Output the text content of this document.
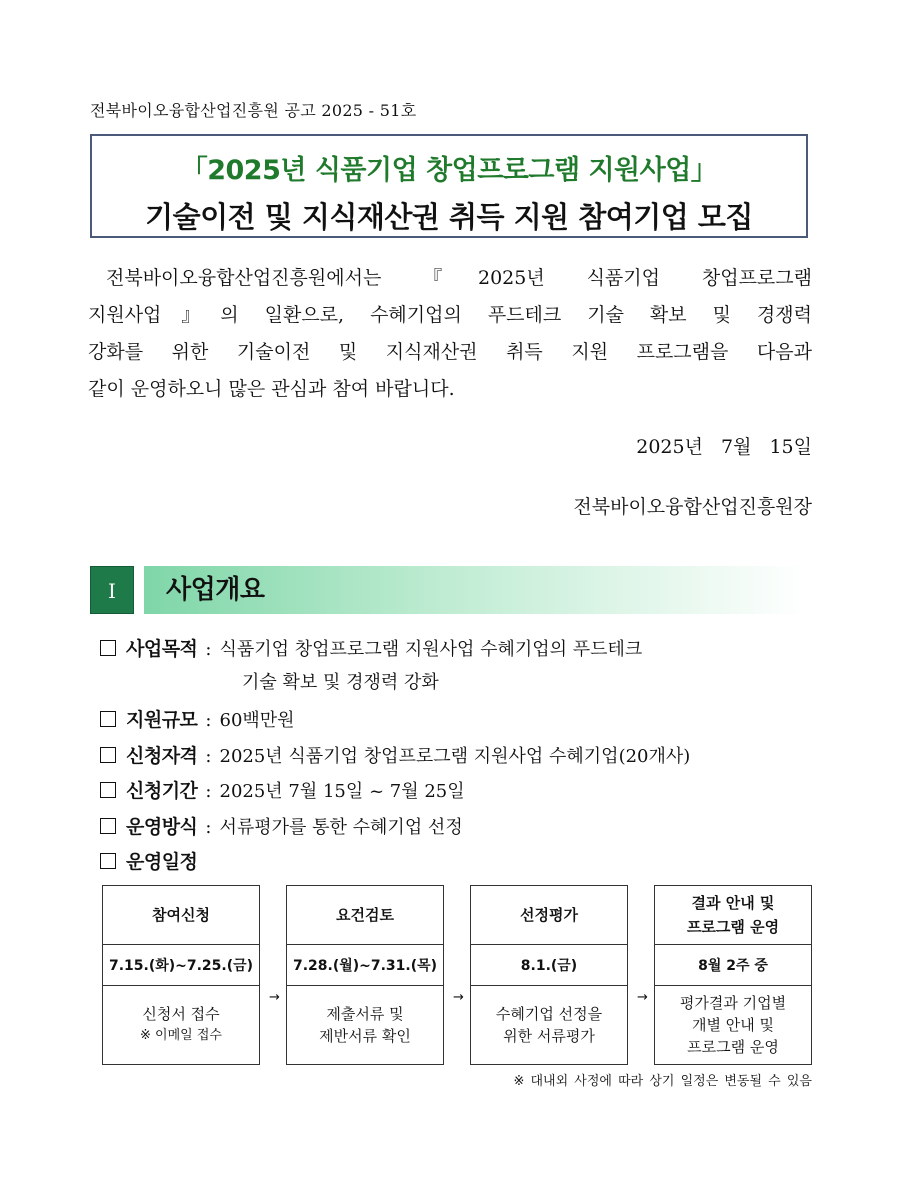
전북바이오융합산업진흥원 공고 2025 - 51호
「2025년 식품기업 창업프로그램 지원사업」
기술이전 및 지식재산권 취득 지원 참여기업 모집
전북바이오융합산업진흥원에서는 『2025년 식품기업 창업프로그램
지원사업』의 일환으로, 수혜기업의 푸드테크 기술 확보 및 경쟁력
강화를 위한 기술이전 및 지식재산권 취득 지원 프로그램을 다음과
같이 운영하오니 많은 관심과 참여 바랍니다.
2025년 7월 15일
전북바이오융합산업진흥원장
I	사업개요
사업목적 : 식품기업 창업프로그램 지원사업 수혜기업의 푸드테크
기술 확보 및 경쟁력 강화
지원규모 : 60백만원
신청자격 : 2025년 식품기업 창업프로그램 지원사업 수혜기업(20개사)
신청기간 : 2025년 7월 15일 ~ 7월 25일
운영방식 : 서류평가를 통한 수혜기업 선정
운영일정
참여신청
7.15.(화)~7.25.(금)
신청서 접수
※ 이메일 접수
→
요건검토
7.28.(월)~7.31.(목)
제출서류 및
제반서류 확인
→
선정평가
8.1.(금)
수혜기업 선정을
위한 서류평가
→
결과 안내 및
프로그램 운영
8월 2주 중
평가결과 기업별
개별 안내 및
프로그램 운영
※ 대내외 사정에 따라 상기 일정은 변동될 수 있음
